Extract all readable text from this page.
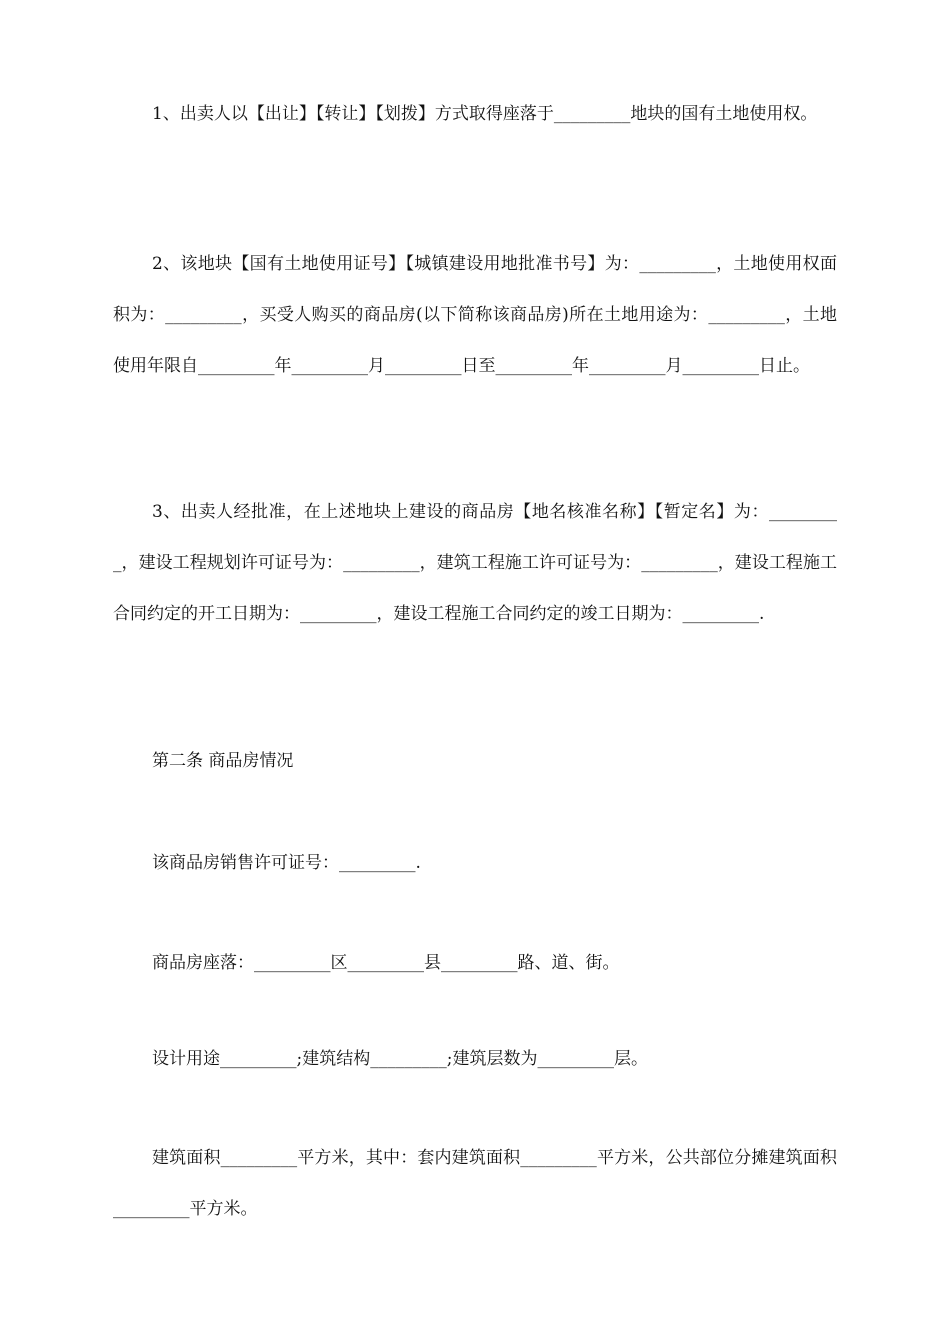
1、出卖人以【出让】【转让】【划拨】方式取得座落于_________地块的国有土地使用权。

2、该地块【国有土地使用证号】【城镇建设用地批准书号】为：_________，土地使用权面积为：_________，买受人购买的商品房(以下简称该商品房)所在土地用途为：_________，土地使用年限自_________年_________月_________日至_________年_________月_________日止。

3、出卖人经批准，在上述地块上建设的商品房【地名核准名称】【暂定名】为：_________，建设工程规划许可证号为：_________，建筑工程施工许可证号为：_________，建设工程施工合同约定的开工日期为：_________，建设工程施工合同约定的竣工日期为：_________.

第二条 商品房情况

该商品房销售许可证号：_________.

商品房座落：_________区_________县_________路、道、街。

设计用途_________;建筑结构_________;建筑层数为_________层。

建筑面积_________平方米，其中：套内建筑面积_________平方米，公共部位分摊建筑面积_________平方米。
